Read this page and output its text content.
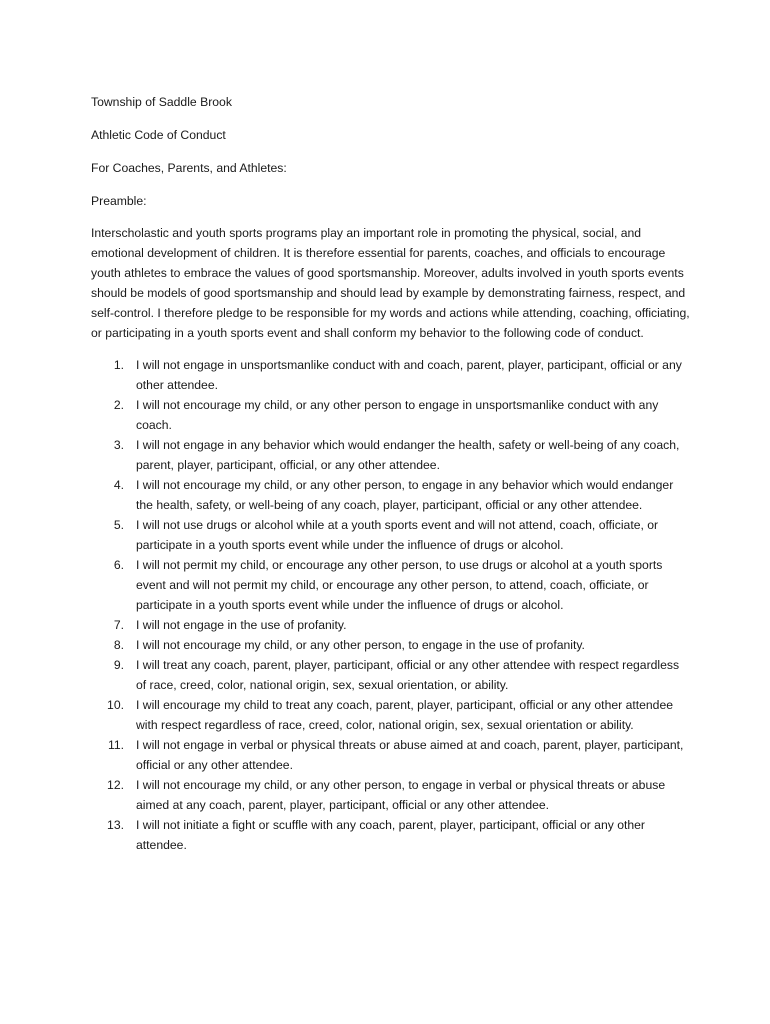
Township of Saddle Brook

Athletic Code of Conduct

For Coaches, Parents, and Athletes:

Preamble:

Interscholastic and youth sports programs play an important role in promoting the physical, social, and emotional development of children. It is therefore essential for parents, coaches, and officials to encourage youth athletes to embrace the values of good sportsmanship. Moreover, adults involved in youth sports events should be models of good sportsmanship and should lead by example by demonstrating fairness, respect, and self-control. I therefore pledge to be responsible for my words and actions while attending, coaching, officiating, or participating in a youth sports event and shall conform my behavior to the following code of conduct.

1. I will not engage in unsportsmanlike conduct with and coach, parent, player, participant, official or any other attendee.
2. I will not encourage my child, or any other person to engage in unsportsmanlike conduct with any coach.
3. I will not engage in any behavior which would endanger the health, safety or well-being of any coach, parent, player, participant, official, or any other attendee.
4. I will not encourage my child, or any other person, to engage in any behavior which would endanger the health, safety, or well-being of any coach, player, participant, official or any other attendee.
5. I will not use drugs or alcohol while at a youth sports event and will not attend, coach, officiate, or participate in a youth sports event while under the influence of drugs or alcohol.
6. I will not permit my child, or encourage any other person, to use drugs or alcohol at a youth sports event and will not permit my child, or encourage any other person, to attend, coach, officiate, or participate in a youth sports event while under the influence of drugs or alcohol.
7. I will not engage in the use of profanity.
8. I will not encourage my child, or any other person, to engage in the use of profanity.
9. I will treat any coach, parent, player, participant, official or any other attendee with respect regardless of race, creed, color, national origin, sex, sexual orientation, or ability.
10. I will encourage my child to treat any coach, parent, player, participant, official or any other attendee with respect regardless of race, creed, color, national origin, sex, sexual orientation or ability.
11. I will not engage in verbal or physical threats or abuse aimed at and coach, parent, player, participant, official or any other attendee.
12. I will not encourage my child, or any other person, to engage in verbal or physical threats or abuse aimed at any coach, parent, player, participant, official or any other attendee.
13. I will not initiate a fight or scuffle with any coach, parent, player, participant, official or any other attendee.
